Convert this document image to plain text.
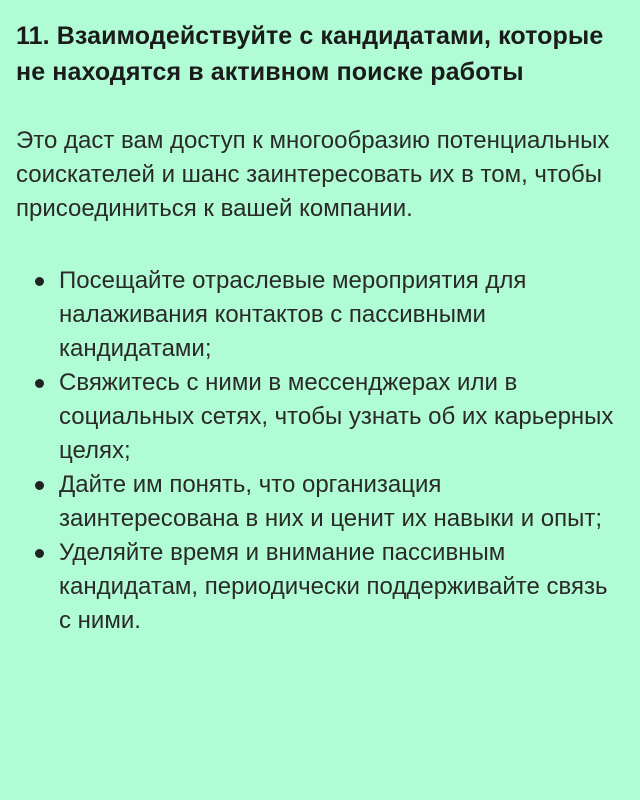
11. Взаимодействуйте с кандидатами, которые не находятся в активном поиске работы

Это даст вам доступ к многообразию потенциальных соискателей и шанс заинтересовать их в том, чтобы присоединиться к вашей компании.

Посещайте отраслевые мероприятия для налаживания контактов с пассивными кандидатами;
Свяжитесь с ними в мессенджерах или в социальных сетях, чтобы узнать об их карьерных целях;
Дайте им понять, что организация заинтересована в них и ценит их навыки и опыт;
Уделяйте время и внимание пассивным кандидатам, периодически поддерживайте связь с ними.
